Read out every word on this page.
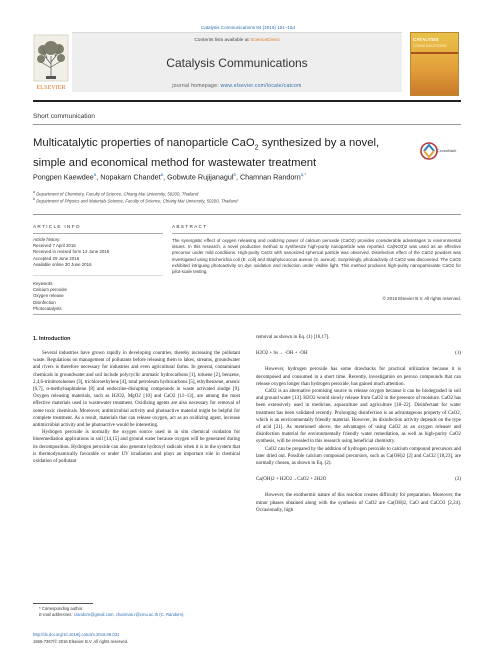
Catalysis Communications 84 (2016) 151–154
ELSEVIER
Contents lists available at ScienceDirect
Catalysis Communications
journal homepage: www.elsevier.com/locate/catcom
CATALYSIS
COMMUNICATIONS
Short communication
Multicatalytic properties of nanoparticle CaO$_2$ synthesized by a novel, simple and economical method for wastewater treatment
CrossMark
Pongpen Kaewdee$^a$, Nopakarn Chandet$^a$, Gobwute Rujijanagul$^b$, Chamnan Randorn$^{a,*}$
$^a$ Department of Chemistry, Faculty of Science, Chiang Mai University, 50200, Thailand
$^b$ Department of Physics and Materials Science, Faculty of Science, Chiang Mai University, 50200, Thailand
ARTICLE INFO	ABSTRACT
Article history:
Received 7 April 2016
Received in revised form 12 June 2016
Accepted 29 June 2016
Available online 30 June 2016
Keywords:
Calcium peroxide
Oxygen release
Disinfection
Photocatalysts
The synergistic effect of oxygen releasing and oxidizing power of calcium peroxide (CaO2) provides considerable advantages to environmental issues. In this research, a novel productive method to synthesize high-purity nanoparticle was reported. Ca(NO3)2 was used as an effective precursor under mild conditions. High-purity CaO2 with nanosized spherical particle was observed. Disinfection effect of the CaO2 powders was investigated using Escherichia coli (E. coli) and Staphylococcus aureus (S. aureus). Surprisingly, photoactivity of CaO2 was discovered. The CaO2 exhibited intriguing photoactivity on dye oxidation and reduction under visible light. This method produces high-purity nanoparticulate CaO2 for pilot-scale testing.
© 2016 Elsevier B.V. All rights reserved.
1. Introduction

Several industries have grown rapidly in developing countries, thereby increasing the pollutant waste. Regulations on management of pollutants before releasing them to lakes, streams, groundwater and rivers is therefore necessary for industries and even agricultural farms. In general, contaminant chemicals in groundwater and soil include polycyclic aromatic hydrocarbons [1], toluene [2], benzene, 2,4,6-trinitrotoluenes [3], trichloroethylene [4], total petroleum hydrocarbons [5], ethylbenzene, arsenic [6,7], α-methylnaphtalene [8] and endocrine-disrupting compounds in waste activated sludge [9]. Oxygen releasing materials, such as H2O2, MgO2 [10] and CaO2 [11–13], are among the most effective materials used in wastewater treatment. Oxidizing agents are also necessary for removal of some toxic chemicals. Moreover, antimicrobial activity and photoactive material might be helpful for complete treatment. As a result, materials that can release oxygen, act as an oxidizing agent, increase antimicrobial activity and be photoactive would be interesting.

Hydrogen peroxide is normally the oxygen source used in in situ chemical oxidation for bioremediation applications in soil [14,15] and ground water because oxygen will be generated during its decomposition. Hydrogen peroxide can also generate hydroxyl radicals when it is in the system that is thermodynamically favorable or under UV irradiation and plays an important role in chemical oxidation of pollutant

removal as shown in Eq. (1) [16,17].
H2O2 + hν→ ·OH + ·OH	(1)

However, hydrogen peroxide has some drawbacks for practical utilization because it is decomposed and consumed in a short time. Recently, investigation on peroxo compounds that can release oxygen longer than hydrogen peroxide, has gained much attention.

CaO2 is an alternative promising source to release oxygen because it can be biodegraded in soil and ground water [13]. H2O2 would slowly release from CaO2 in the presence of moisture. CaO2 has been extensively used in medicine, aquaculture and agriculture [18–22]. Disinfectant for water treatment has been validated recently. Prolonging disinfection is an advantageous property of CaO2, which is an environmentally friendly material. However, its disinfection activity depends on the type of acid [21]. As mentioned above, the advantages of using CaO2 as an oxygen releaser and disinfection material for environmentally friendly water remediation, as well as high-purity CaO2 synthesis, will be revealed in this research using beneficial chemistry.

CaO2 can be prepared by the addition of hydrogen peroxide to calcium compound precursors and later dried out. Possible calcium compound precursors, such as Ca(OH)2 [2] and CaCl2 [18,23], are normally chosen, as shown in Eq. (2).

Ca(OH)2 + H2O2→CaO2 + 2H2O	(2)

However, the exothermic nature of this reaction creates difficulty for preparation. Moreover, the minor phases obtained along with the synthesis of CaO2 are Ca(OH)2, CaO and CaCO3 [2,24]. Occasionally, high

* Corresponding author.
E-mail addresses: crandorn@gmail.com, chamnan.r@cmu.ac.th (C. Randorn).
http://dx.doi.org/10.1016/j.catcom.2016.06.031
1566-7367/© 2016 Elsevier B.V. All rights reserved.
